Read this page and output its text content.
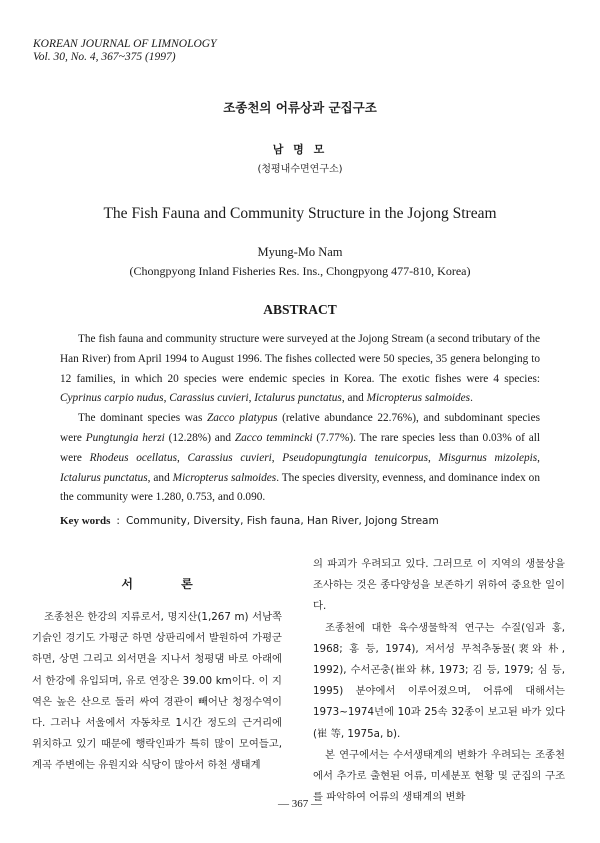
KOREAN JOURNAL OF LIMNOLOGY
Vol. 30, No. 4, 367~375 (1997)
조종천의 어류상과 군집구조
남 명 모
(청평내수면연구소)
The Fish Fauna and Community Structure in the Jojong Stream
Myung-Mo Nam
(Chongpyong Inland Fisheries Res. Ins., Chongpyong 477-810, Korea)
ABSTRACT

The fish fauna and community structure were surveyed at the Jojong Stream (a second tributary of the Han River) from April 1994 to August 1996. The fishes collected were 50 species, 35 genera belonging to 12 families, in which 20 species were endemic species in Korea. The exotic fishes were 4 species: Cyprinus carpio nudus, Carassius cuvieri, Ictalurus punctatus, and Micropterus salmoides.

The dominant species was Zacco platypus (relative abundance 22.76%), and subdominant species were Pungtungia herzi (12.28%) and Zacco temmincki (7.77%). The rare species less than 0.03% of all were Rhodeus ocellatus, Carassius cuvieri, Pseudopungtungia tenuicorpus, Misgurnus mizolepis, Ictalurus punctatus, and Micropterus salmoides. The species diversity, evenness, and dominance index on the community were 1.280, 0.753, and 0.090.

Key words : Community, Diversity, Fish fauna, Han River, Jojong Stream
서 론

조종천은 한강의 지류로서, 명지산(1,267 m) 서남쪽 기슭인 경기도 가평군 하면 상판리에서 발원하여 가평군 하면, 상면 그리고 외서면을 지나서 청평댐 바로 아래에서 한강에 유입되며, 유로 연장은 39.00 km이다. 이 지역은 높은 산으로 둘러 싸여 경관이 빼어난 청정수역이다. 그러나 서울에서 자동차로 1시간 정도의 근거리에 위치하고 있기 때문에 행락인파가 특히 많이 모여들고, 계곡 주변에는 유원지와 식당이 많아서 하천 생태계

의 파괴가 우려되고 있다. 그러므로 이 지역의 생물상을 조사하는 것은 종다양성을 보존하기 위하여 중요한 일이다.

조종천에 대한 육수생물학적 연구는 수질(임과 홍, 1968; 홍 등, 1974), 저서성 무척추동물(裵와 朴, 1992), 수서곤충(崔와 林, 1973; 김 등, 1979; 심 등, 1995) 분야에서 이루어졌으며, 어류에 대해서는 1973~1974년에 10과 25속 32종이 보고된 바가 있다(崔 等, 1975a, b).

본 연구에서는 수서생태계의 변화가 우려되는 조종천에서 추가로 출현된 어류, 미세분포 현황 및 군집의 구조를 파악하여 어류의 생태계의 변화

— 367 —
